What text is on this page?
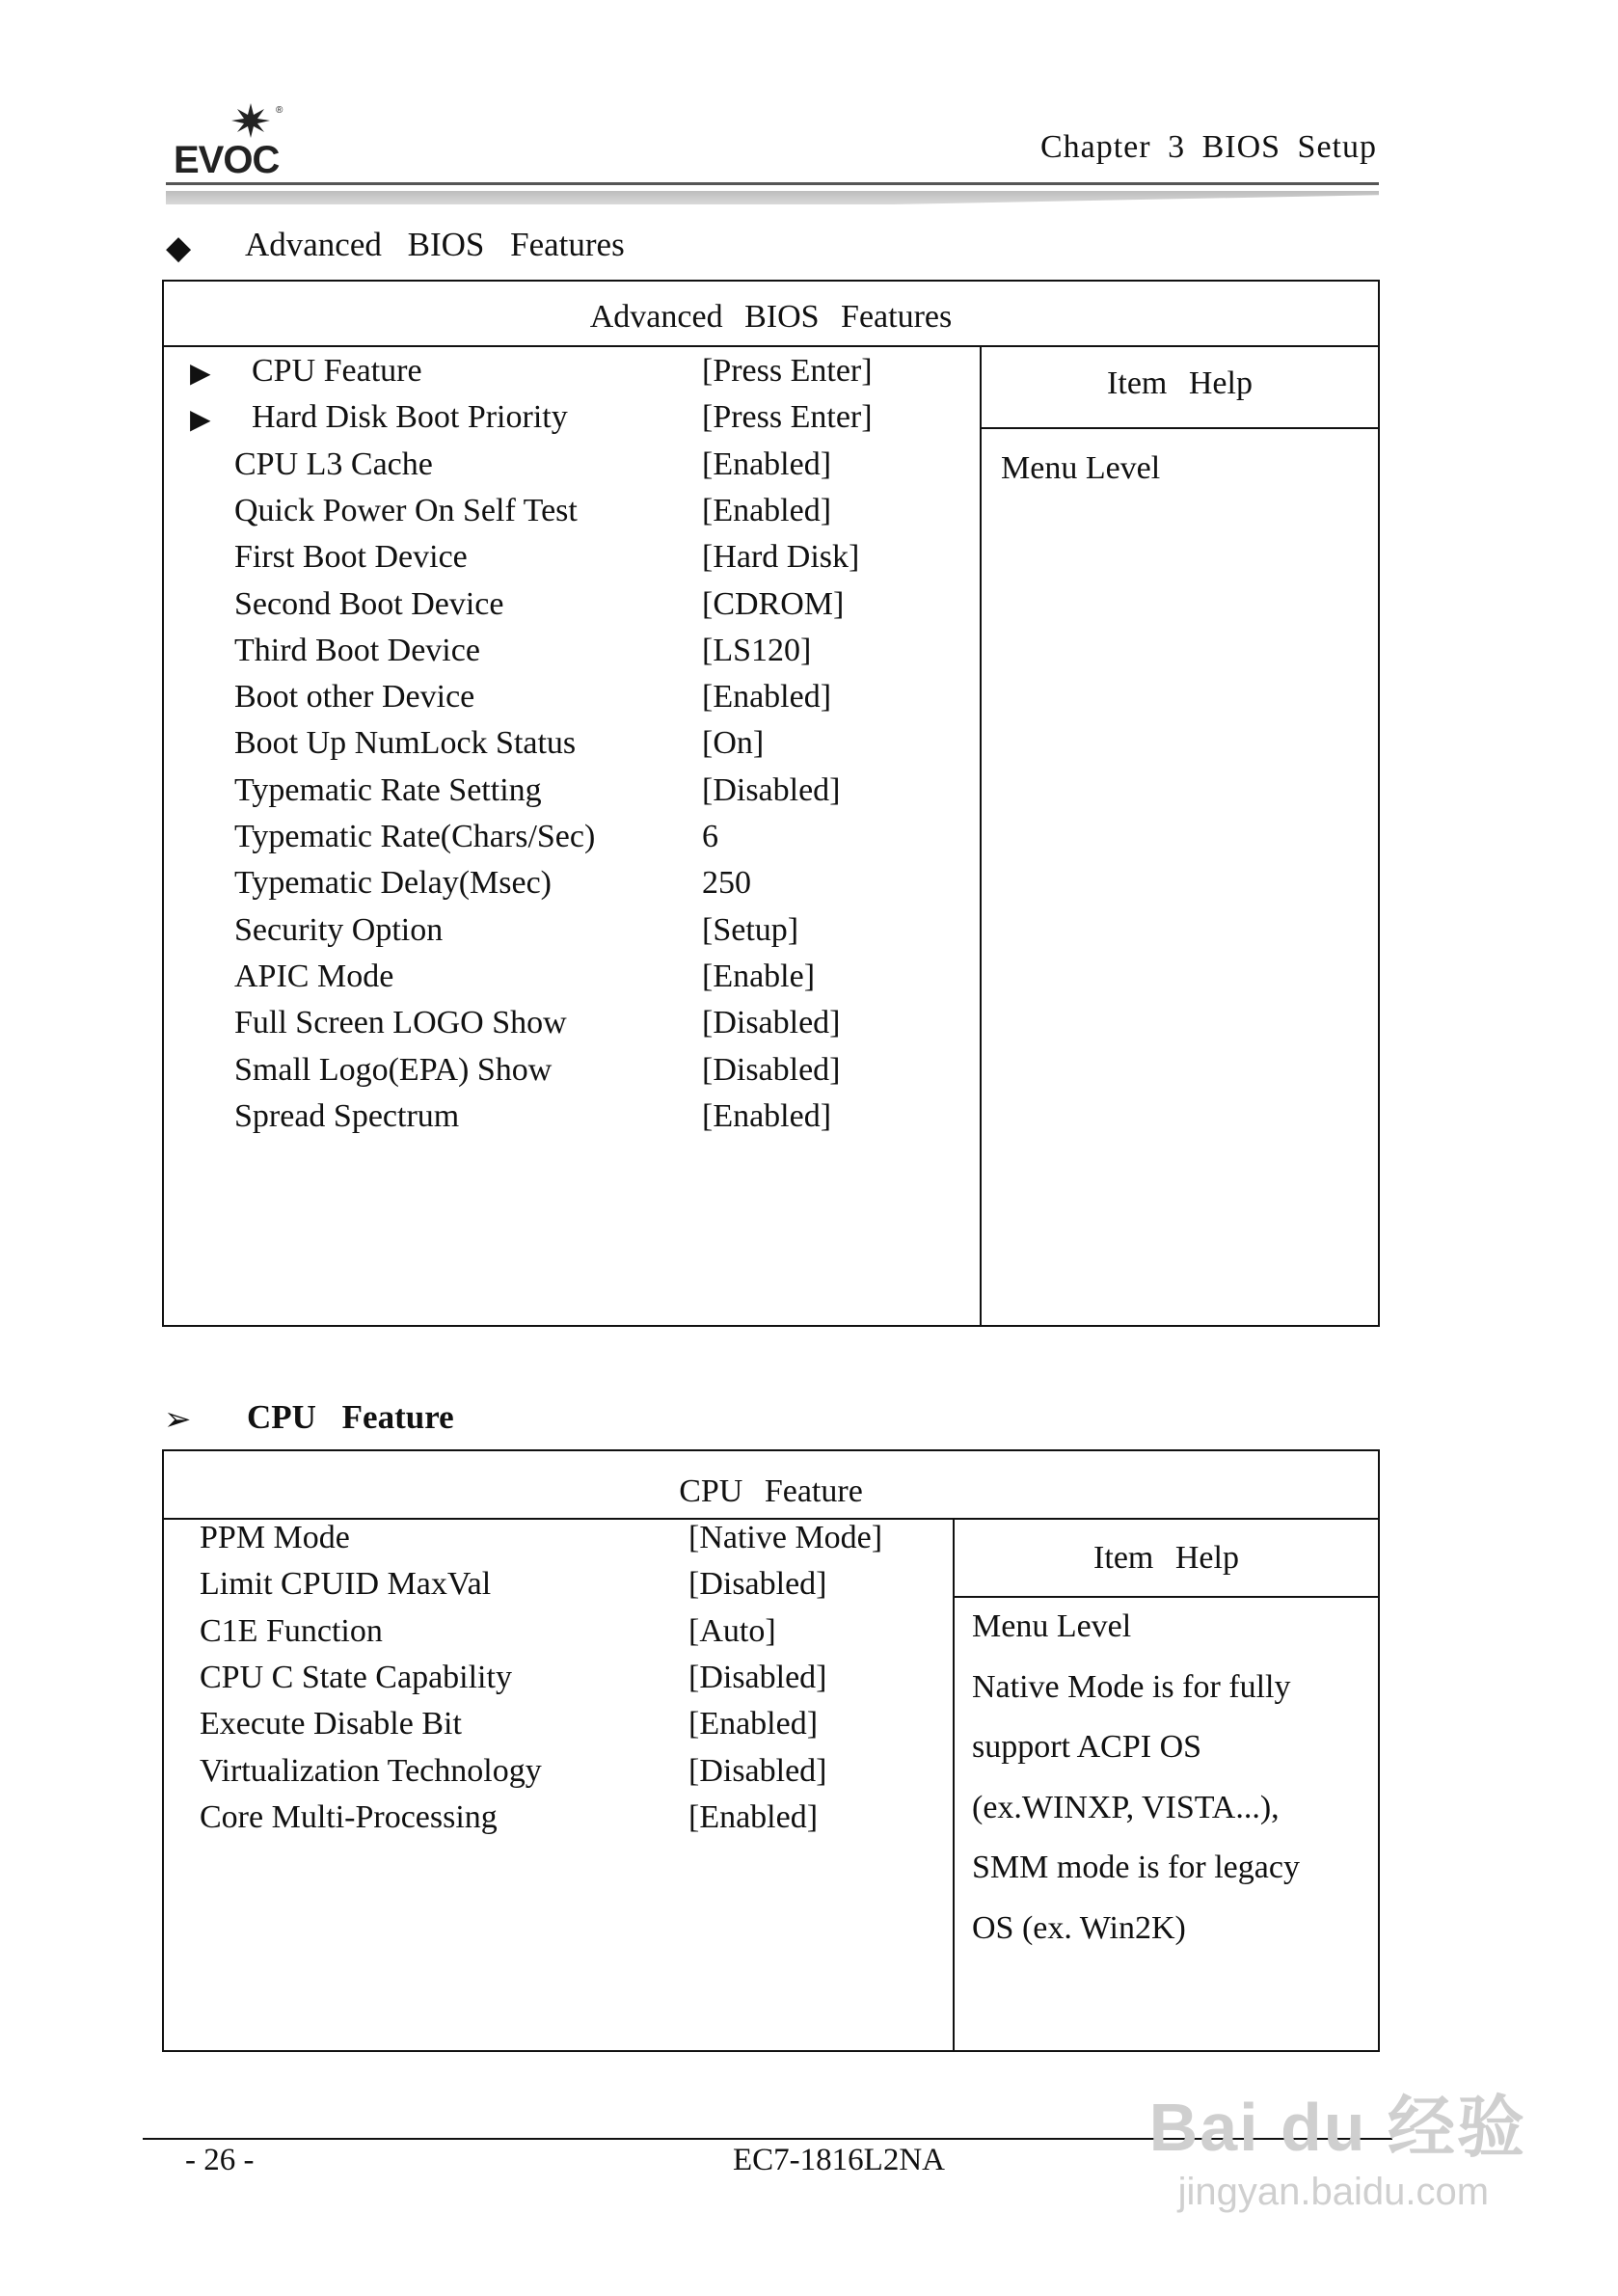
EVOC
®
Chapter 3 BIOS Setup
◆ Advanced BIOS Features
Advanced BIOS Features
Item Help
Menu Level
▶ CPU Feature	[Press Enter]
▶ Hard Disk Boot Priority	[Press Enter]
CPU L3 Cache	[Enabled]
Quick Power On Self Test	[Enabled]
First Boot Device	[Hard Disk]
Second Boot Device	[CDROM]
Third Boot Device	[LS120]
Boot other Device	[Enabled]
Boot Up NumLock Status	[On]
Typematic Rate Setting	[Disabled]
Typematic Rate(Chars/Sec)	6
Typematic Delay(Msec)	250
Security Option	[Setup]
APIC Mode	[Enable]
Full Screen LOGO Show	[Disabled]
Small Logo(EPA) Show	[Disabled]
Spread Spectrum	[Enabled]
➢ CPU Feature
CPU Feature
Item Help
PPM Mode	[Native Mode]
Limit CPUID MaxVal	[Disabled]
C1E Function	[Auto]
CPU C State Capability	[Disabled]
Execute Disable Bit	[Enabled]
Virtualization Technology	[Disabled]
Core Multi-Processing	[Enabled]
Menu Level
Native Mode is for fully
support ACPI OS
(ex.WINXP, VISTA...),
SMM mode is for legacy
OS (ex. Win2K)
- 26 -	EC7-1816L2NA	Bai du 经验
jingyan.baidu.com
